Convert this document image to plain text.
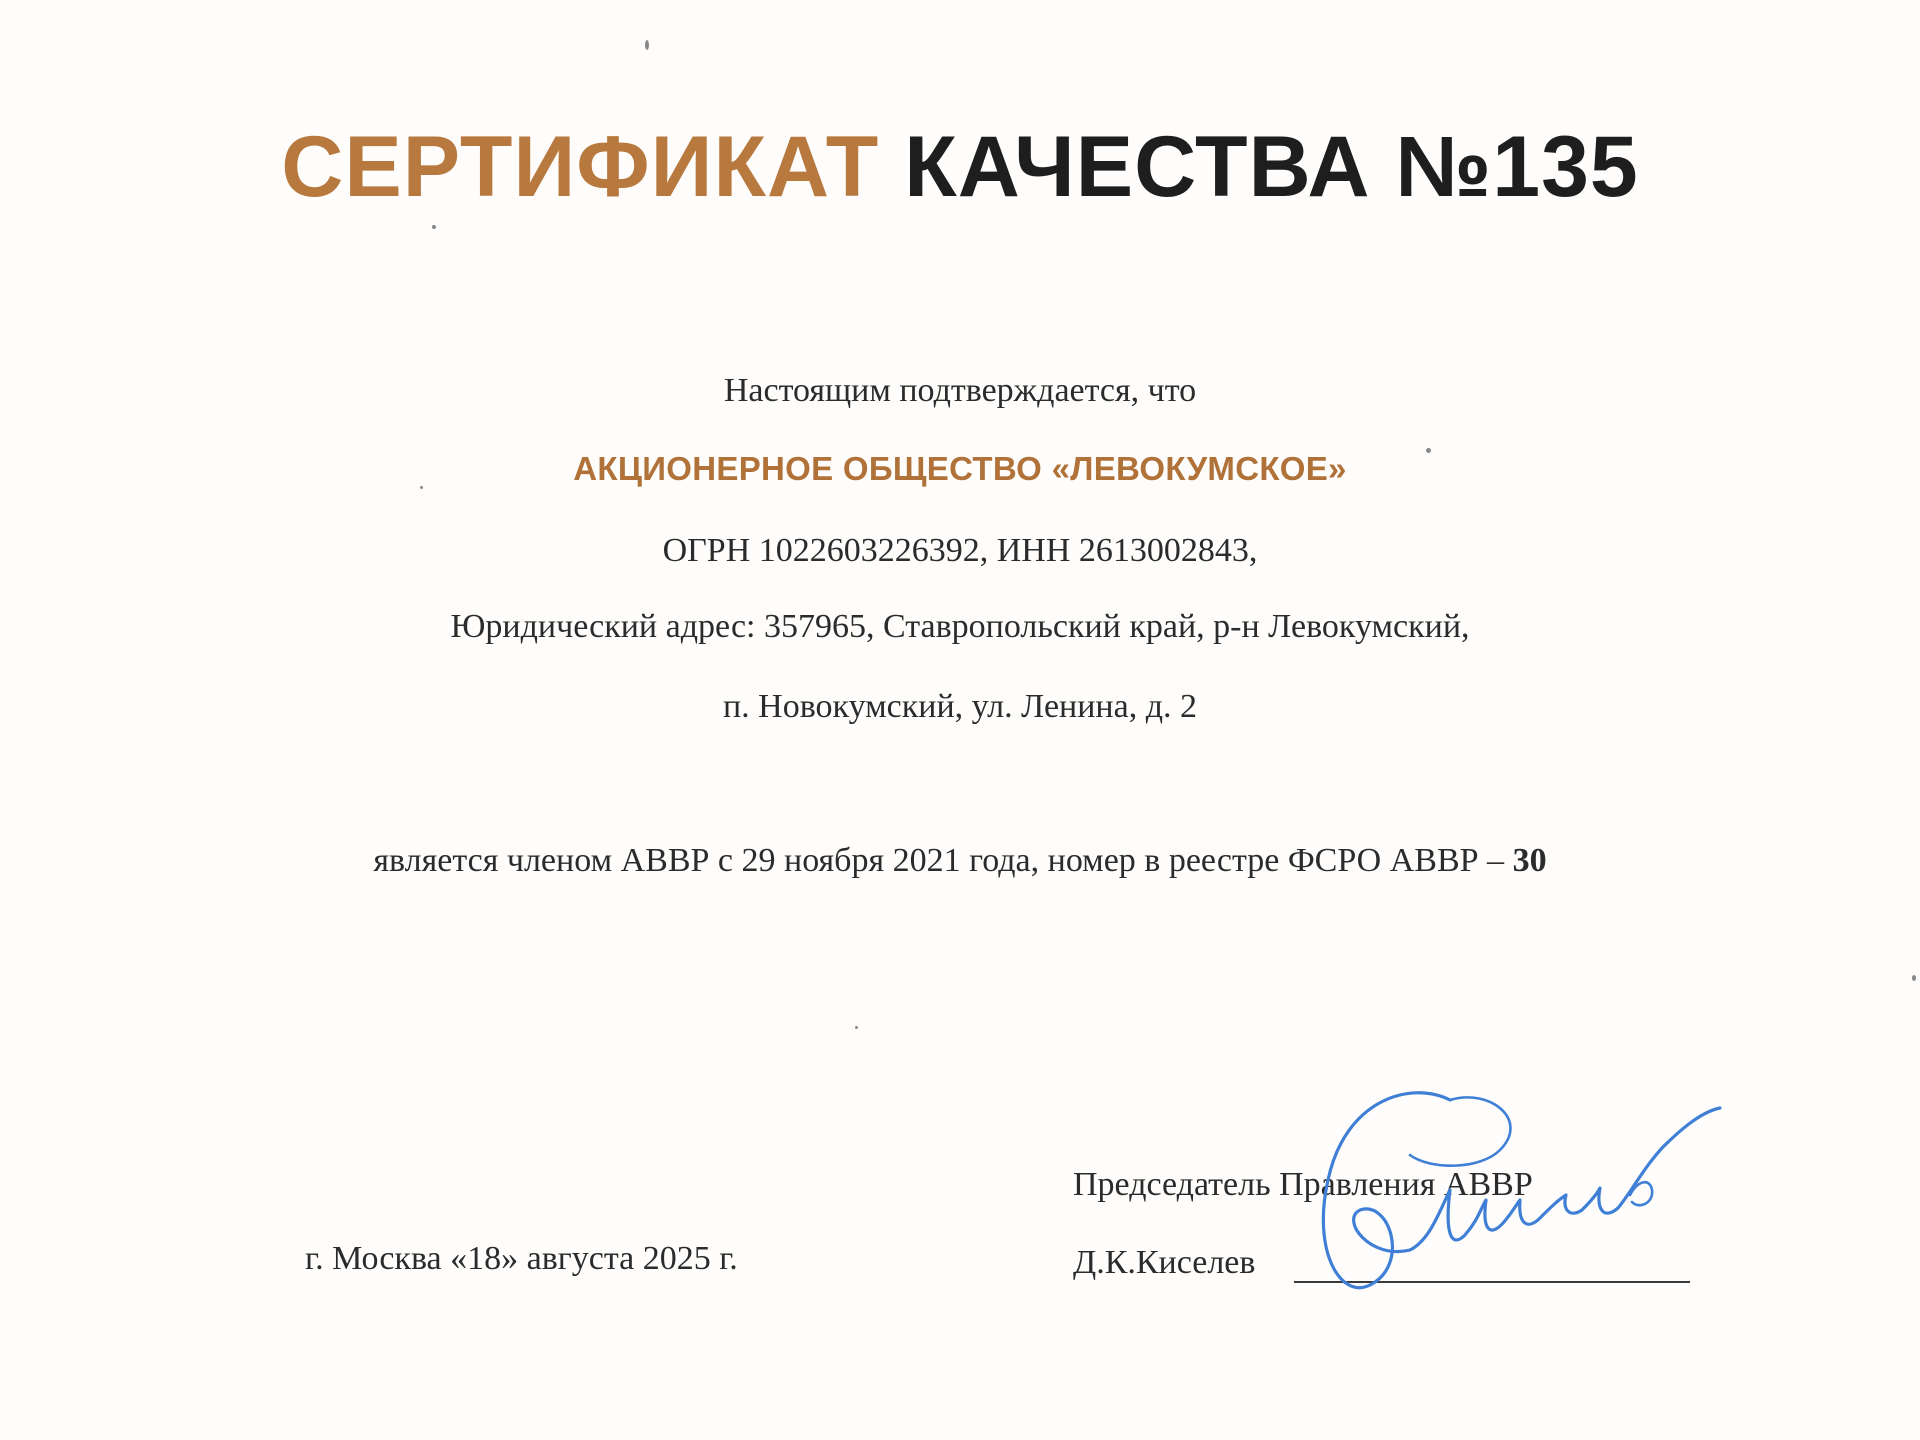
СЕРТИФИКАТ КАЧЕСТВА №135
Настоящим подтверждается, что
АКЦИОНЕРНОЕ ОБЩЕСТВО «ЛЕВОКУМСКОЕ»
ОГРН 1022603226392, ИНН 2613002843,
Юридический адрес: 357965, Ставропольский край, р-н Левокумский,
п. Новокумский, ул. Ленина, д. 2
является членом АВВР с 29 ноября 2021 года, номер в реестре ФСРО АВВР – 30
г. Москва «18» августа 2025 г.
Председатель Правления АВВР
Д.К.Киселев
